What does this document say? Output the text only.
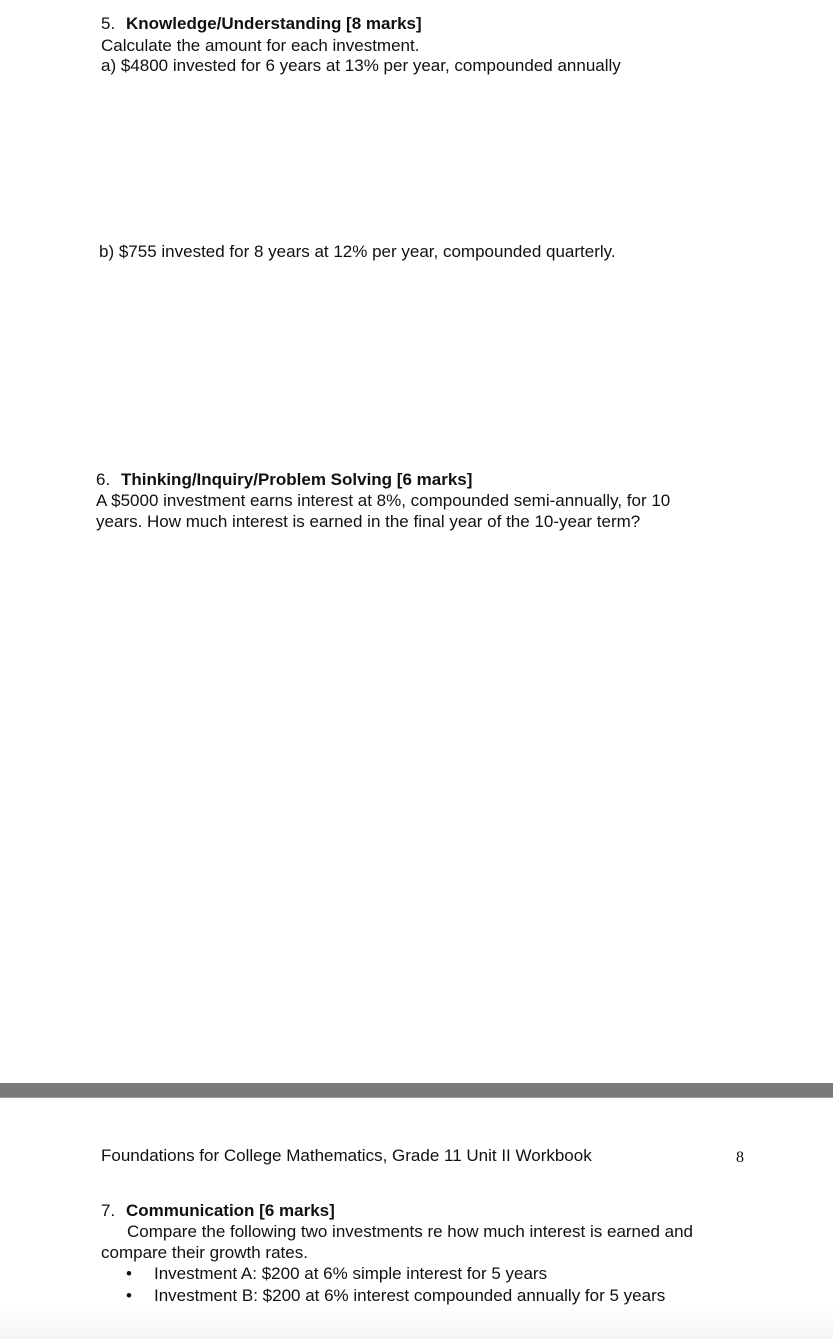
5. Knowledge/Understanding [8 marks]
Calculate the amount for each investment.
a) $4800 invested for 6 years at 13% per year, compounded annually
b) $755 invested for 8 years at 12% per year, compounded quarterly.
6. Thinking/Inquiry/Problem Solving [6 marks]
A $5000 investment earns interest at 8%, compounded semi-annually, for 10
years. How much interest is earned in the final year of the 10-year term?
Foundations for College Mathematics, Grade 11 Unit II Workbook	8
7. Communication [6 marks]
Compare the following two investments re how much interest is earned and
compare their growth rates.
• Investment A: $200 at 6% simple interest for 5 years
• Investment B: $200 at 6% interest compounded annually for 5 years
